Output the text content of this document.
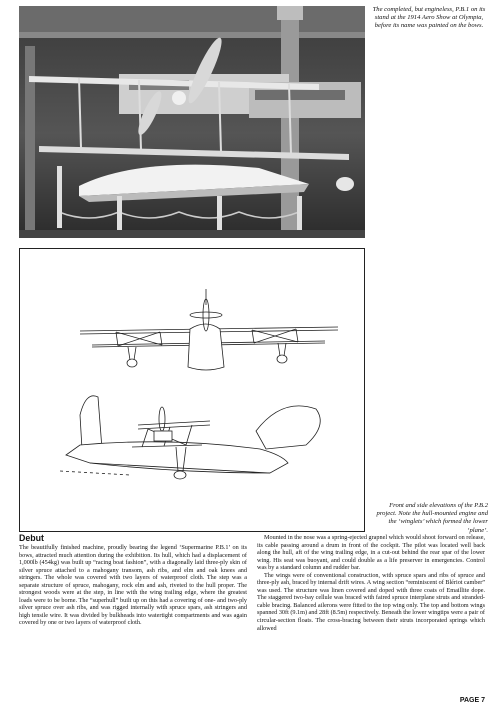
The completed, but engineless, P.B.1 on its stand at the 1914 Aero Show at Olympia, before its name was painted on the bows.
Front and side elevations of the P.B.2 project. Note the hull-mounted engine and the ‘winglets’ which formed the lower ‘plane’.
Debut

The beautifully finished machine, proudly bearing the legend ‘Supermarine P.B.1’ on its bows, attracted much attention during the exhibition. Its hull, which had a displacement of 1,000lb (454kg) was built up “racing boat fashion”, with a diagonally laid three-ply skin of silver spruce attached to a mahogany transom, ash ribs, and elm and oak knees and stringers. The whole was covered with two layers of waterproof cloth. The step was a separate structure of spruce, mahogany, rock elm and ash, riveted to the hull proper. The strongest woods were at the step, in line with the wing trailing edge, where the greatest loads were to be borne. The “superhull” built up on this had a covering of one- and two-ply silver spruce over ash ribs, and was rigged internally with spruce spars, ash stringers and high tensile wire. It was divided by bulkheads into watertight compartments and was again covered by one or two layers of waterproof cloth.

Mounted in the nose was a spring-ejected grapnel which would shoot forward on release, its cable passing around a drum in front of the cockpit. The pilot was located well back along the hull, aft of the wing trailing edge, in a cut-out behind the rear spar of the lower wing. His seat was buoyant, and could double as a life preserver in emergencies. Control was by a standard column and rudder bar.

The wings were of conventional construction, with spruce spars and ribs of spruce and three-ply ash, braced by internal drift wires. A wing section “reminiscent of Blériot camber” was used. The structure was linen covered and doped with three coats of Emaillite dope. The staggered two-bay cellule was braced with faired spruce interplane struts and stranded-cable bracing. Balanced ailerons were fitted to the top wing only. The top and bottom wings spanned 30ft (9.1m) and 28ft (8.5m) respectively. Beneath the lower wingtips were a pair of circular-section floats. The cross-bracing between their struts incorporated springs which allowed

PAGE 7
